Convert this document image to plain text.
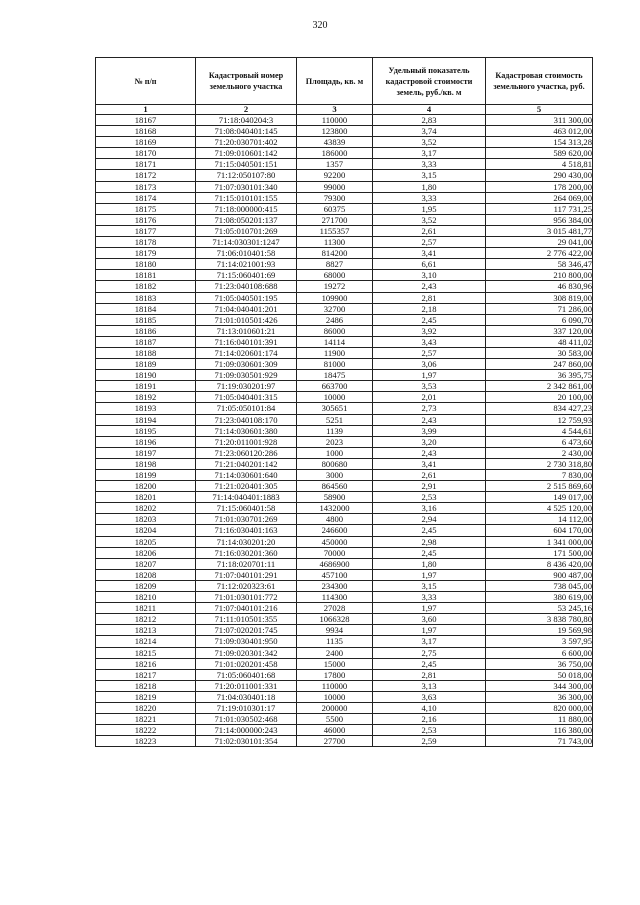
320
№ п/п	Кадастровый номер земельного участка	Площадь, кв. м	Удельный показатель кадастровой стоимости земель, руб./кв. м	Кадастровая стоимость земельного участка, руб.
1	2	3	4	5
18167	71:18:040204:3	110000	2,83	311 300,00
18168	71:08:040401:145	123800	3,74	463 012,00
18169	71:20:030701:402	43839	3,52	154 313,28
18170	71:09:010601:142	186000	3,17	589 620,00
18171	71:15:040501:151	1357	3,33	4 518,81
18172	71:12:050107:80	92200	3,15	290 430,00
18173	71:07:030101:340	99000	1,80	178 200,00
18174	71:15:010101:155	79300	3,33	264 069,00
18175	71:18:000000:415	60375	1,95	117 731,25
18176	71:08:050201:137	271700	3,52	956 384,00
18177	71:05:010701:269	1155357	2,61	3 015 481,77
18178	71:14:030301:1247	11300	2,57	29 041,00
18179	71:06:010401:58	814200	3,41	2 776 422,00
18180	71:14:021001:93	8827	6,61	58 346,47
18181	71:15:060401:69	68000	3,10	210 800,00
18182	71:23:040108:688	19272	2,43	46 830,96
18183	71:05:040501:195	109900	2,81	308 819,00
18184	71:04:040401:201	32700	2,18	71 286,00
18185	71:01:010501:426	2486	2,45	6 090,70
18186	71:13:010601:21	86000	3,92	337 120,00
18187	71:16:040101:391	14114	3,43	48 411,02
18188	71:14:020601:174	11900	2,57	30 583,00
18189	71:09:030601:309	81000	3,06	247 860,00
18190	71:09:030501:929	18475	1,97	36 395,75
18191	71:19:030201:97	663700	3,53	2 342 861,00
18192	71:05:040401:315	10000	2,01	20 100,00
18193	71:05:050101:84	305651	2,73	834 427,23
18194	71:23:040108:170	5251	2,43	12 759,93
18195	71:14:030601:380	1139	3,99	4 544,61
18196	71:20:011001:928	2023	3,20	6 473,60
18197	71:23:060120:286	1000	2,43	2 430,00
18198	71:21:040201:142	800680	3,41	2 730 318,80
18199	71:14:030601:640	3000	2,61	7 830,00
18200	71:21:020401:305	864560	2,91	2 515 869,60
18201	71:14:040401:1883	58900	2,53	149 017,00
18202	71:15:060401:58	1432000	3,16	4 525 120,00
18203	71:01:030701:269	4800	2,94	14 112,00
18204	71:16:030401:163	246600	2,45	604 170,00
18205	71:14:030201:20	450000	2,98	1 341 000,00
18206	71:16:030201:360	70000	2,45	171 500,00
18207	71:18:020701:11	4686900	1,80	8 436 420,00
18208	71:07:040101:291	457100	1,97	900 487,00
18209	71:12:020323:61	234300	3,15	738 045,00
18210	71:01:030101:772	114300	3,33	380 619,00
18211	71:07:040101:216	27028	1,97	53 245,16
18212	71:11:010501:355	1066328	3,60	3 838 780,80
18213	71:07:020201:745	9934	1,97	19 569,98
18214	71:09:030401:950	1135	3,17	3 597,95
18215	71:09:020301:342	2400	2,75	6 600,00
18216	71:01:020201:458	15000	2,45	36 750,00
18217	71:05:060401:68	17800	2,81	50 018,00
18218	71:20:011001:331	110000	3,13	344 300,00
18219	71:04:030401:18	10000	3,63	36 300,00
18220	71:19:010301:17	200000	4,10	820 000,00
18221	71:01:030502:468	5500	2,16	11 880,00
18222	71:14:000000:243	46000	2,53	116 380,00
18223	71:02:030101:354	27700	2,59	71 743,00
